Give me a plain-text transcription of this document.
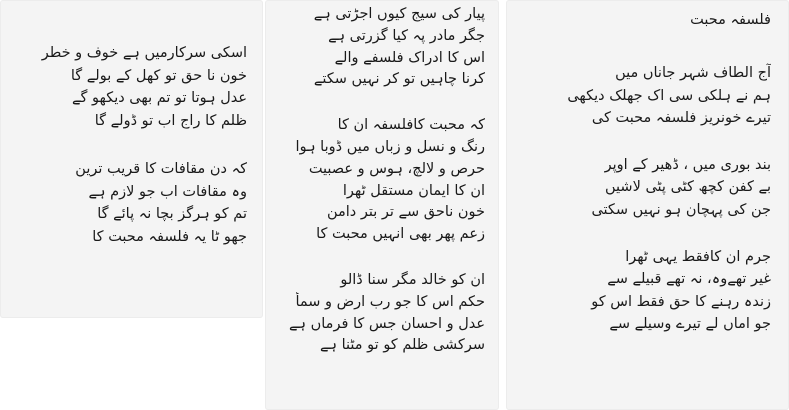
اسکی سرکارمیں ہے خوف و خطر
خون نا حق تو کھل کے بولے گا
عدل ہوتا تو تم بھی دیکھو گے
ظلم کا راج اب تو ڈولے گا
کہ دن مقافات کا قریب ترین
وہ مقافات اب جو لازم ہے
تم کو ہرگز بچا نہ پائے گا
جھو ٹا یہ فلسفہ محبت کا
پیار کی سیج کیوں اجڑتی ہے
جگر مادر پہ کیا گزرتی ہے
اس کا ادراک فلسفے والے
کرنا چاہیں تو کر نہیں سکتے
کہ محبت کافلسفہ ان کا
رنگ و نسل و زباں میں ڈوبا ہوا
حرص و لالچ، ہوس و عصبیت
ان کا ایمان مستقل ٹھرا
خون ناحق سے تر بتر دامن
زعم پھر بھی انہیں محبت کا
ان کو خالد مگر سنا ڈالو
حکم اس کا جو رب ارض و سمأ
عدل و احسان جس کا فرماں ہے
سرکشی ظلم کو تو مٹنا ہے
فلسفہ محبت
آج الطاف شہر جاناں میں
ہم نے ہلکی سی اک جھلک دیکھی
تیرے خونریز فلسفہ محبت کی
بند بوری میں ، ڈھیر کے اوپر
بے کفن کچھ کٹی پٹی لاشیں
جن کی پہچان ہو نہیں سکتی
جرم ان کافقط یہی ٹھرا
غیر تھےوہ، نہ تھے قبیلے سے
زندہ رہنے کا حق فقط اس کو
جو اماں لے تیرے وسیلے سے
